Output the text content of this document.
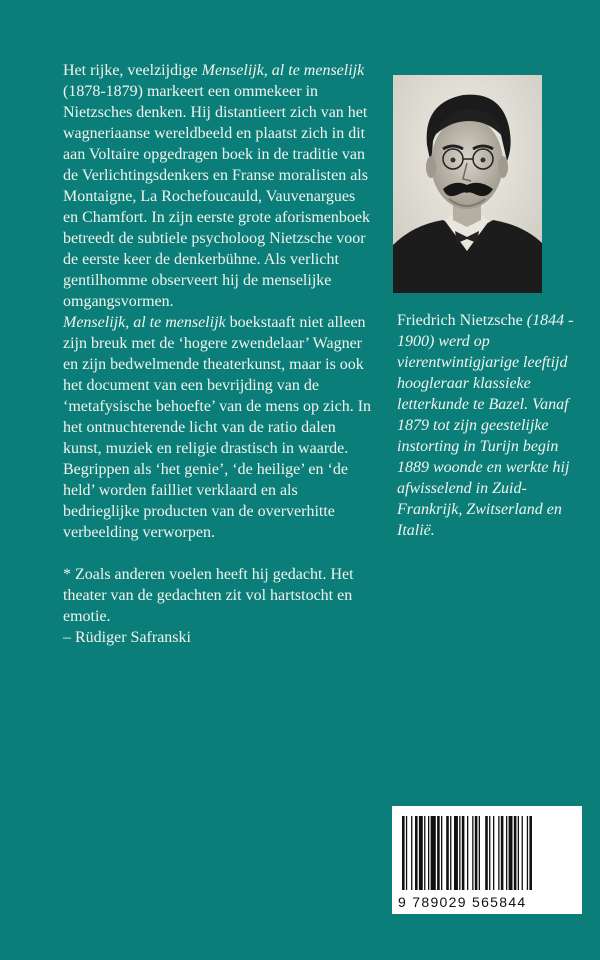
Het rijke, veelzijdige Menselijk, al te menselijk (1878-1879) markeert een ommekeer in Nietzsches denken. Hij distantieert zich van het wagneriaanse wereldbeeld en plaatst zich in dit aan Voltaire opgedragen boek in de traditie van de Verlichtingsdenkers en Franse moralisten als Montaigne, La Rochefoucauld, Vauvenargues en Chamfort. In zijn eerste grote aforismenboek betreedt de subtiele psycholoog Nietzsche voor de eerste keer de denkerbühne. Als verlicht gentilhomme observeert hij de menselijke omgangsvormen.

Menselijk, al te menselijk boekstaaft niet alleen zijn breuk met de ‘hogere zwendelaar’ Wagner en zijn bedwelmende theaterkunst, maar is ook het document van een bevrijding van de ‘metafysische behoefte’ van de mens op zich. In het ontnuchterende licht van de ratio dalen kunst, muziek en religie drastisch in waarde. Begrippen als ‘het genie’, ‘de heilige’ en ‘de held’ worden failliet verklaard en als bedrieglijke producten van de oververhitte verbeelding verworpen.

* Zoals anderen voelen heeft hij gedacht. Het theater van de gedachten zit vol hartstocht en emotie.

– Rüdiger Safranski

Friedrich Nietzsche (1844 - 1900) werd op vierentwintigjarige leeftijd hoogleraar klassieke letterkunde te Bazel. Vanaf 1879 tot zijn geestelijke instorting in Turijn begin 1889 woonde en werkte hij afwisselend in Zuid-Frankrijk, Zwitserland en Italië.
9 789029 565844
